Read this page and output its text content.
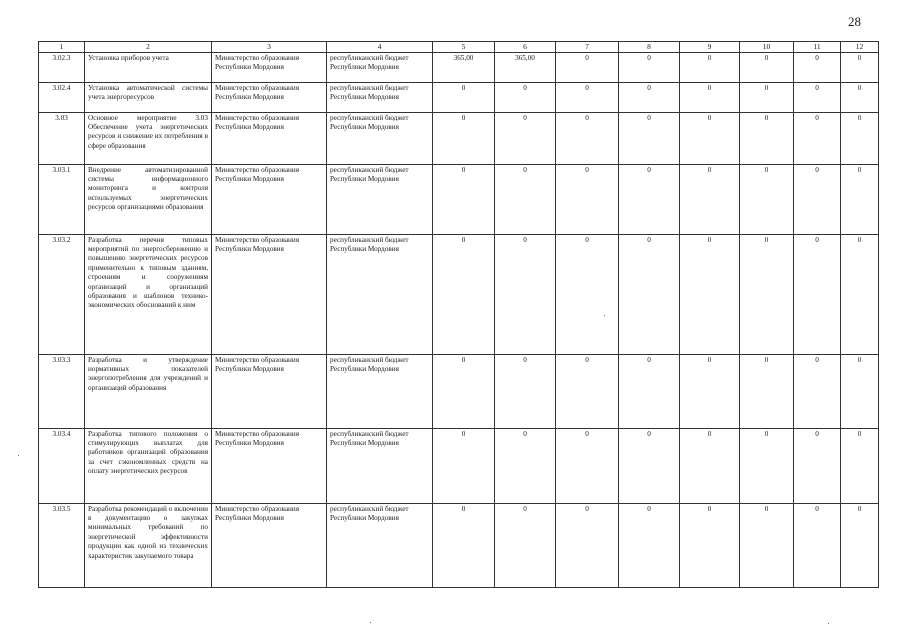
28
1	2	3	4	5	6	7	8	9	10	11	12
3.02.3	Установка приборов учета	Министерство образования Республики Мордовия	республиканский бюджет Республики Мордовия	365,00	365,00	0	0	0	0	0	0
3.02.4	Установка автоматической системы учета энергоресурсов	Министерство образования Республики Мордовия	республиканский бюджет Республики Мордовия	0	0	0	0	0	0	0	0
3.03	Основное мероприятие 3.03 Обеспечение учета энергетических ресурсов и снижение их потребления в сфере образования	Министерство образования Республики Мордовия	республиканский бюджет Республики Мордовия	0	0	0	0	0	0	0	0
3.03.1	Внедрение автоматизированной системы информационного мониторинга и контроля используемых энергетических ресурсов организациями образования	Министерство образования Республики Мордовия	республиканский бюджет Республики Мордовия	0	0	0	0	0	0	0	0
3.03.2	Разработка перечня типовых мероприятий по энергосбережению и повышению энергетических ресурсов применительно к типовым зданиям, строениям и сооружениям организаций и организаций образования и шаблонов технико-экономических обоснований к ним	Министерство образования Республики Мордовия	республиканский бюджет Республики Мордовия	0	0	0	0	0	0	0	0
3.03.3	Разработка и утверждение нормативных показателей энергопотребления для учреждений и организаций образования	Министерство образования Республики Мордовия	республиканский бюджет Республики Мордовия	0	0	0	0	0	0	0	0
3.03.4	Разработка типового положения о стимулирующих выплатах для работников организаций образования за счет сэкономленных средств на оплату энергетических ресурсов	Министерство образования Республики Мордовия	республиканский бюджет Республики Мордовия	0	0	0	0	0	0	0	0
3.03.5	Разработка рекомендаций о включении в документацию о закупках минимальных требований по энергетической эффективности продукции как одной из технических характеристик закупаемого товара	Министерство образования Республики Мордовия	республиканский бюджет Республики Мордовия	0	0	0	0	0	0	0	0
